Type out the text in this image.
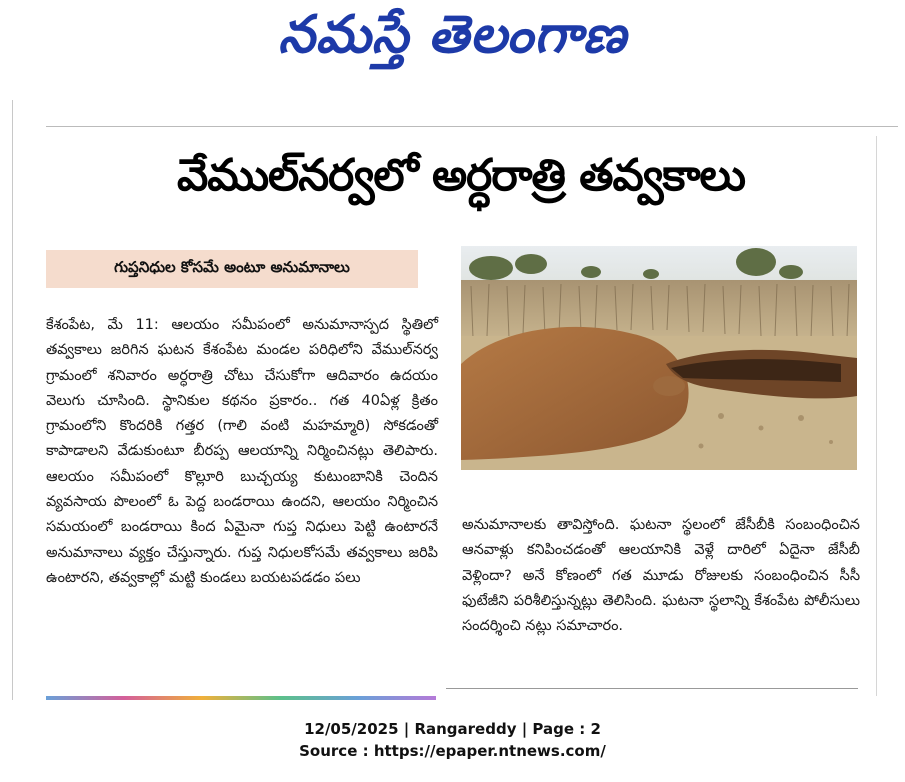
నమస్తే తెలంగాణ
వేముల్‌నర్వలో అర్ధరాత్రి తవ్వకాలు
గుప్తనిధుల కోసమే అంటూ అనుమానాలు
కేశంపేట, మే 11: ఆలయం సమీపంలో అనుమానాస్పద స్థితిలో తవ్వకాలు జరిగిన ఘటన కేశంపేట మండల పరిధిలోని వేముల్‌నర్వ గ్రామంలో శనివారం అర్ధరాత్రి చోటు చేసుకోగా ఆదివారం ఉదయం వెలుగు చూసింది. స్థానికుల కథనం ప్రకారం.. గత 40ఏళ్ల క్రితం గ్రామంలోని కొందరికి గత్తర (గాలి వంటి మహమ్మారి) సోకడంతో కాపాడాలని వేడుకుంటూ బీరప్ప ఆలయాన్ని నిర్మించినట్లు తెలిపారు. ఆలయం సమీపంలో కొల్లూరి బుచ్చయ్య కుటుంబానికి చెందిన వ్యవసాయ పొలంలో ఓ పెద్ద బండరాయి ఉందని, ఆలయం నిర్మించిన సమయంలో బండరాయి కింద ఏమైనా గుప్త నిధులు పెట్టి ఉంటారనే అనుమానాలు వ్యక్తం చేస్తున్నారు. గుప్త నిధులకోసమే తవ్వకాలు జరిపి ఉంటారని, తవ్వకాల్లో మట్టి కుండలు బయటపడడం పలు
అనుమానాలకు తావిస్తోంది. ఘటనా స్థలంలో జేసీబీకి సంబంధించిన ఆనవాళ్లు కనిపించడంతో ఆలయానికి వెళ్లే దారిలో ఏదైనా జేసీబీ వెళ్లిందా? అనే కోణంలో గత మూడు రోజులకు సంబంధించిన సీసీ ఫుటేజీని పరిశీలిస్తున్నట్లు తెలిసింది. ఘటనా స్థలాన్ని కేశంపేట పోలీసులు సందర్శించి నట్లు సమాచారం.
12/05/2025 | Rangareddy | Page : 2
Source : https://epaper.ntnews.com/
